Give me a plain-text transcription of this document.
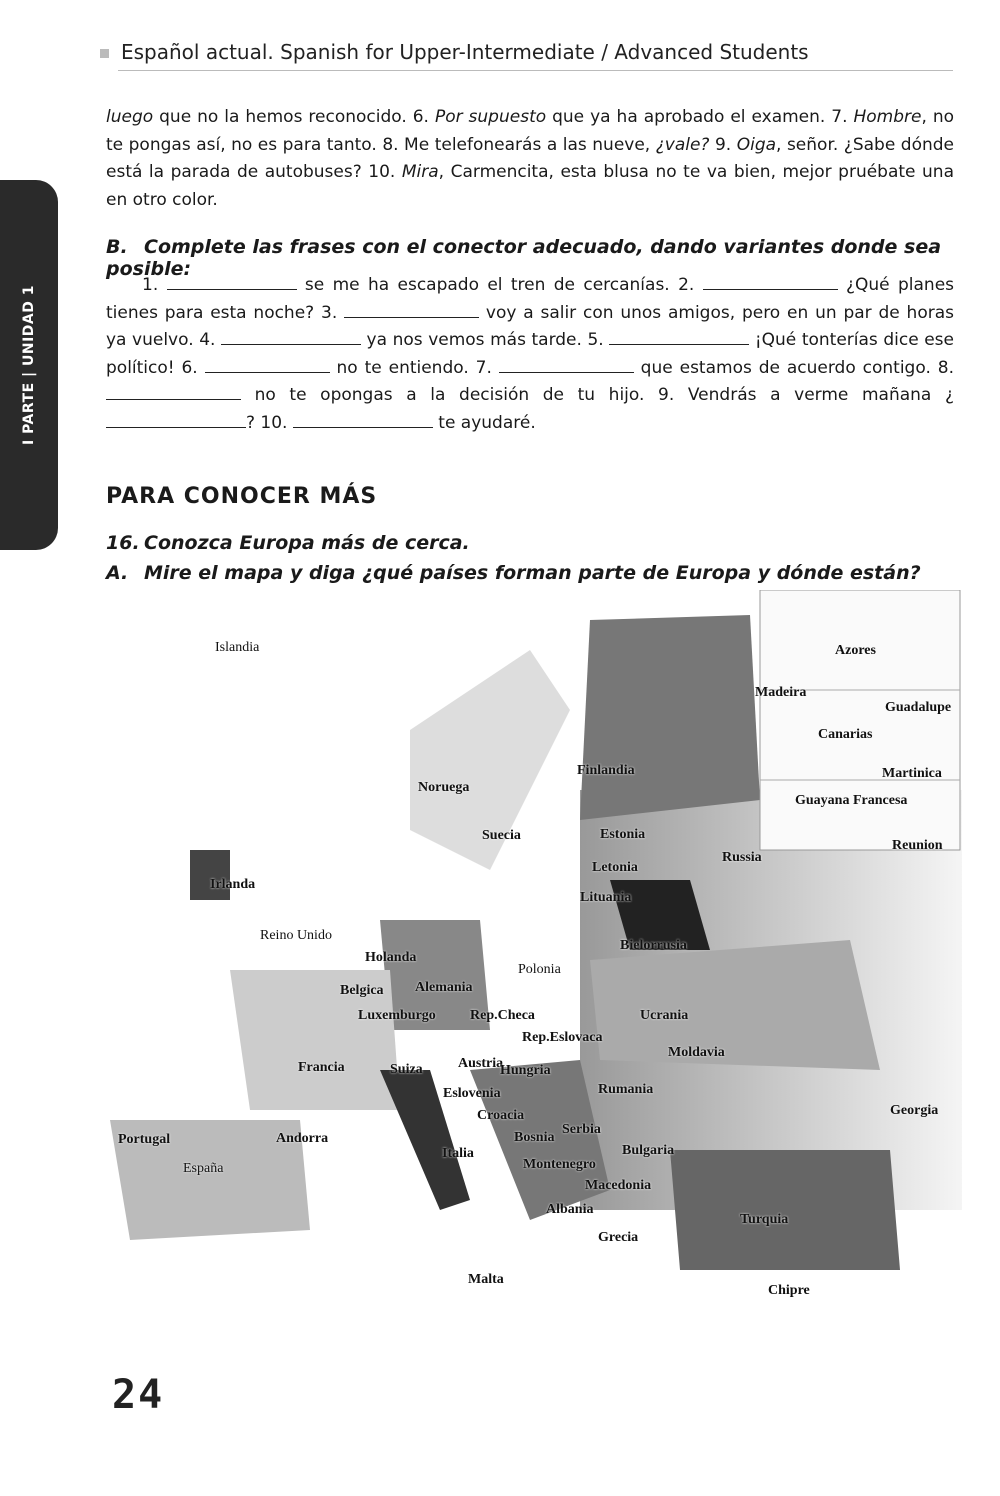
Español actual. Spanish for Upper-Intermediate / Advanced Students
I PARTE | UNIDAD 1
luego que no la hemos reconocido. 6. Por supuesto que ya ha aprobado el examen. 7. Hombre, no te pongas así, no es para tanto. 8. Me telefonearás a las nueve, ¿vale? 9. Oiga, señor. ¿Sabe dónde está la parada de autobuses? 10. Mira, Carmencita, esta blusa no te va bien, mejor pruébate una en otro color.
B. Complete las frases con el conector adecuado, dando variantes donde sea posible:
1.	se me ha escapado el tren de cercanías. 2.	¿Qué planes tienes para esta noche? 3.	voy a salir con unos amigos, pero en un par de horas ya vuelvo. 4.	ya nos vemos más tarde. 5.	¡Qué tonterías dice ese político! 6.	no te entiendo. 7.	que estamos de acuerdo contigo. 8.  no te opongas a la decisión de tu hijo. 9. Vendrás a verme mañana ¿? 10.	te ayudaré.
PARA CONOCER MÁS
16. Conozca Europa más de cerca.
A. Mire el mapa y diga ¿qué países forman parte de Europa y dónde están?
Islandia
Noruega
Finlandia
Suecia	Estonia
Letonia
Lituania
Russia
Irlanda
Reino Unido
Bielorrusia
Holanda
Polonia
Belgica Alemania
Luxemburgo Rep.Checa	Ucrania
Rep.Eslovaca
Moldavia
Francia	Suiza	Austria
Hungria
Eslovenia	Rumania
Croacia
Portugal	Andorra	Bosnia
Serbia
Georgia
Italia	Bulgaria
España	Montenegro
Macedonia
Albania
Turquia
Grecia
Malta
Chipre
Azores
Madeira
Guadalupe
Canarias
Martinica
Guayana Francesa
Reunion
24
